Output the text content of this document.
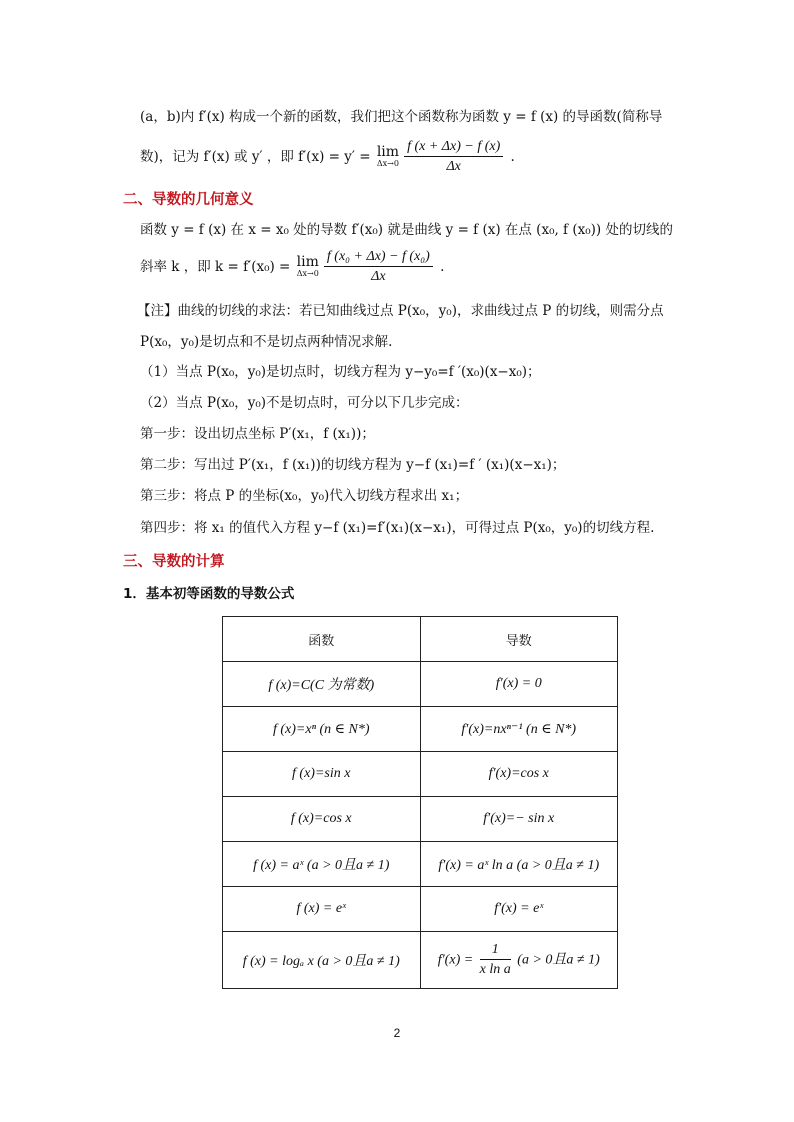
(a，b)内 f′(x) 构成一个新的函数，我们把这个函数称为函数 y = f (x) 的导函数(简称导
数)，记为 f′(x) 或 y′ ，即 f′(x) = y′ = lim
$\Delta x\to 0 \frac{f (x + \Delta x) - f (x)}{\Delta x}$ .
二、导数的几何意义
函数 y = f (x) 在 x = x₀ 处的导数 f′(x₀) 就是曲线 y = f (x) 在点 (x₀, f (x₀)) 处的切线的
斜率 k ，即 k = f′(x₀) = lim
$\Delta x\to 0 \frac{\text{f (x₀ + Δx) − f (x₀)}}{\Delta x}$ .
【注】曲线的切线的求法：若已知曲线过点 P(x₀，y₀)，求曲线过点 P 的切线，则需分点
P(x₀，y₀)是切点和不是切点两种情况求解.
（1）当点 P(x₀，y₀)是切点时，切线方程为 y−y₀=f ′(x₀)(x−x₀)；
（2）当点 P(x₀，y₀)不是切点时，可分以下几步完成：
第一步：设出切点坐标 P′(x₁，f (x₁))；
第二步：写出过 P′(x₁，f (x₁))的切线方程为 y−f (x₁)=f ′ (x₁)(x−x₁)；
第三步：将点 P 的坐标(x₀，y₀)代入切线方程求出 x₁；
第四步：将 x₁ 的值代入方程 y−f (x₁)=f′(x₁)(x−x₁)，可得过点 P(x₀，y₀)的切线方程.
三、导数的计算
1．基本初等函数的导数公式
函数	导数
f (x)=C(C 为常数)	f′(x) = 0
f (x)=xⁿ (n ∈ N*)	f′(x)=nxⁿ⁻¹ (n ∈ N*)
f (x)=sin x	f′(x)=cos x
f (x)=cos x	f′(x)=− sin x
f (x) = aˣ (a > 0且a ≠ 1)	f′(x) = aˣ ln a (a > 0且a ≠ 1)
f (x) = eˣ	f′(x) = eˣ
f (x) = logₐ x (a > 0且a ≠ 1)	$f'(x) = \frac{1}{\text{x ln a}} (a > 0$且a ≠ 1)
2
